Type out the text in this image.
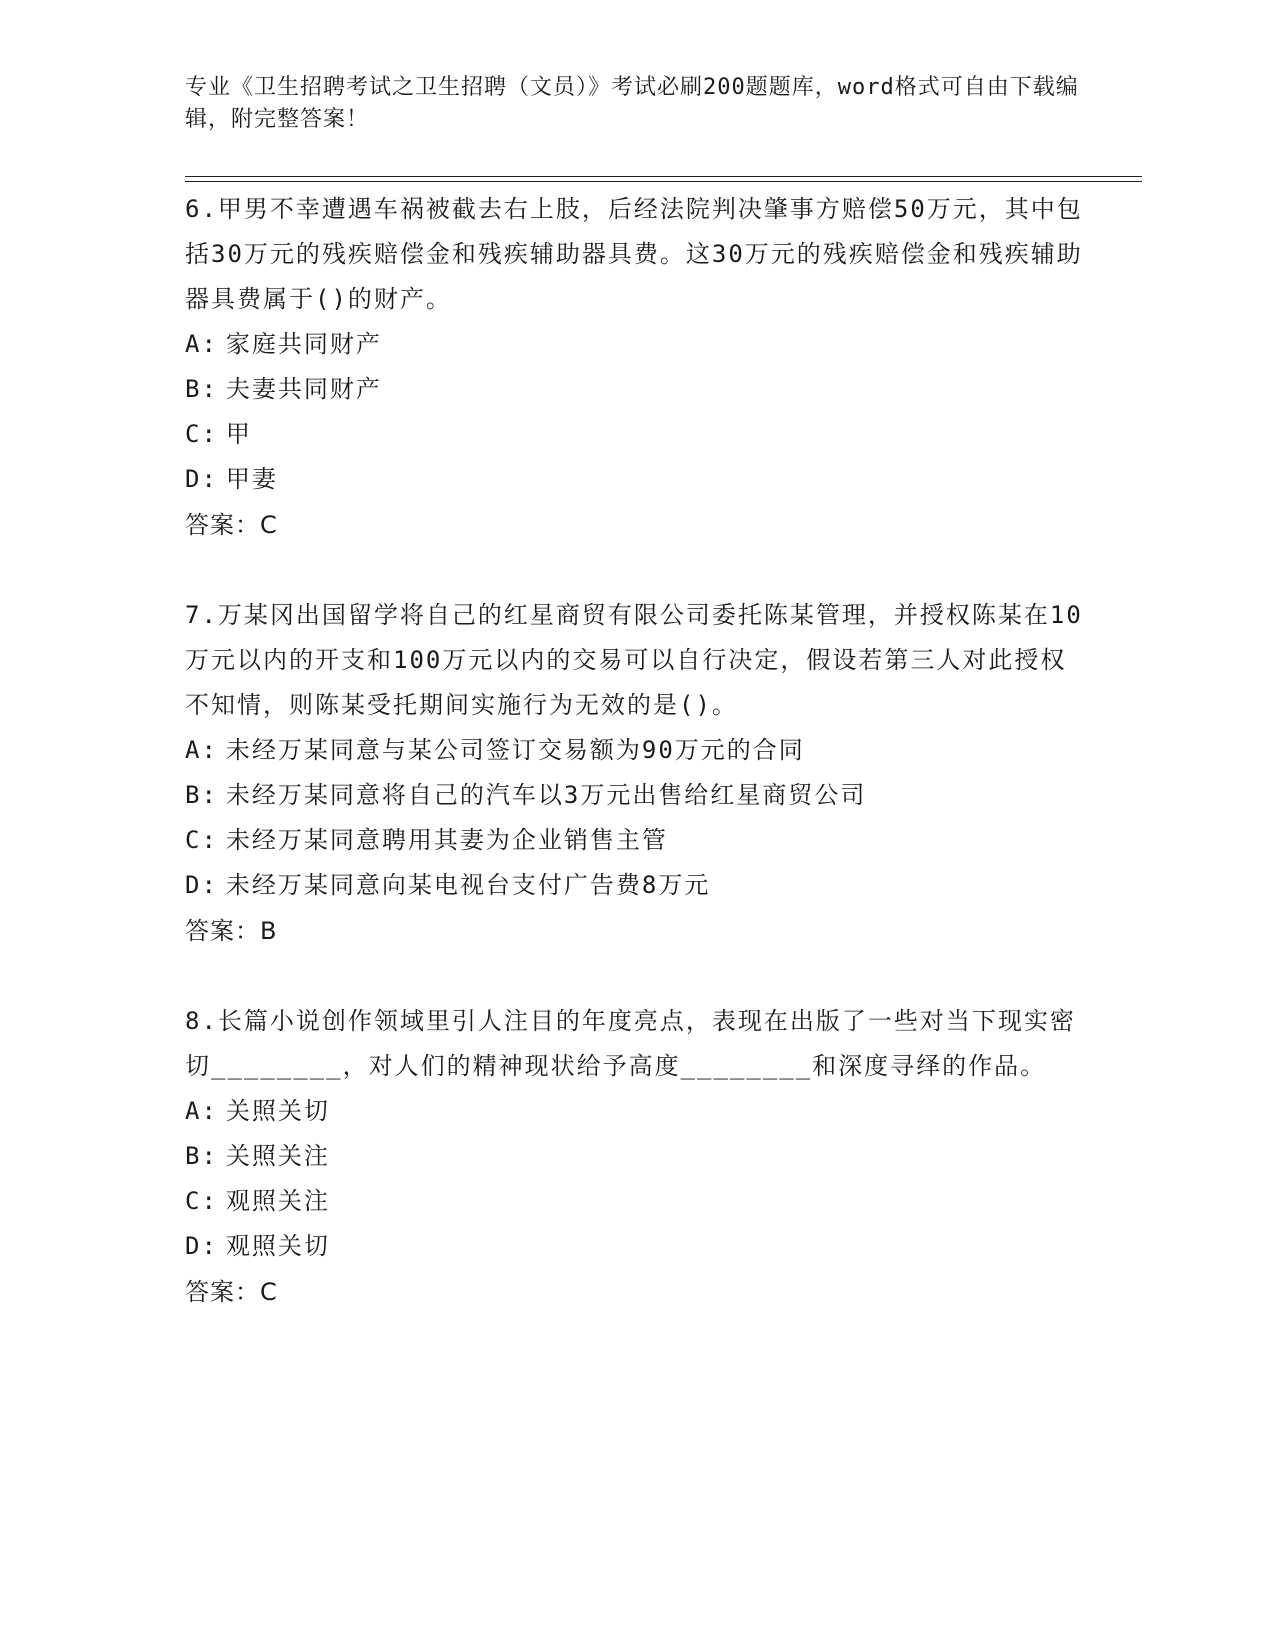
专业《卫生招聘考试之卫生招聘（文员）》考试必刷200题题库，word格式可自由下载编辑，附完整答案！
6.甲男不幸遭遇车祸被截去右上肢，后经法院判决肇事方赔偿50万元，其中包括30万元的残疾赔偿金和残疾辅助器具费。这30万元的残疾赔偿金和残疾辅助器具费属于()的财产。
A: 家庭共同财产
B: 夫妻共同财产
C: 甲
D: 甲妻
答案：C
7.万某冈出国留学将自己的红星商贸有限公司委托陈某管理，并授权陈某在10万元以内的开支和100万元以内的交易可以自行决定，假设若第三人对此授权不知情，则陈某受托期间实施行为无效的是()。
A: 未经万某同意与某公司签订交易额为90万元的合同
B: 未经万某同意将自己的汽车以3万元出售给红星商贸公司
C: 未经万某同意聘用其妻为企业销售主管
D: 未经万某同意向某电视台支付广告费8万元
答案：B
8.长篇小说创作领域里引人注目的年度亮点，表现在出版了一些对当下现实密切________，对人们的精神现状给予高度________和深度寻绎的作品。
A: 关照关切
B: 关照关注
C: 观照关注
D: 观照关切
答案：C
